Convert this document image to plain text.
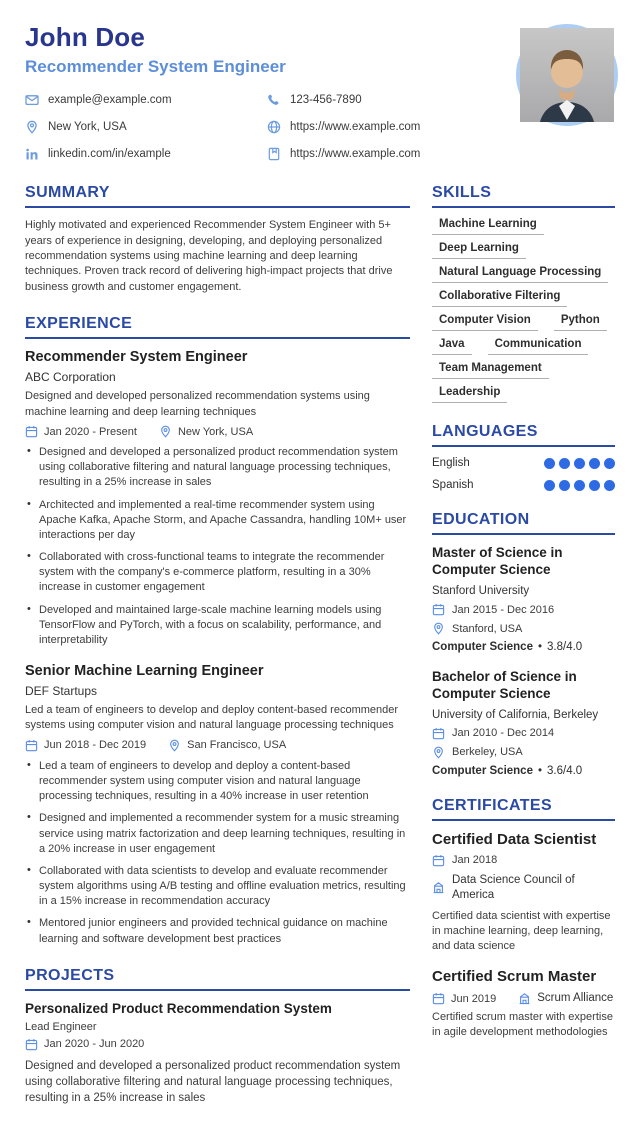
John Doe
Recommender System Engineer
example@example.com
New York, USA
linkedin.com/in/example
123-456-7890
https://www.example.com
https://www.example.com
SUMMARY

Highly motivated and experienced Recommender System Engineer with 5+ years of experience in designing, developing, and deploying personalized recommendation systems using machine learning and deep learning techniques. Proven track record of delivering high-impact projects that drive business growth and customer engagement.

EXPERIENCE
Recommender System Engineer
ABC Corporation

Designed and developed personalized recommendation systems using machine learning and deep learning techniques

Jan 2020 - Present	New York, USA
• Designed and developed a personalized product recommendation system using collaborative filtering and natural language processing techniques, resulting in a 25% increase in sales
• Architected and implemented a real-time recommender system using Apache Kafka, Apache Storm, and Apache Cassandra, handling 10M+ user interactions per day
• Collaborated with cross-functional teams to integrate the recommender system with the company's e-commerce platform, resulting in a 30% increase in customer engagement
• Developed and maintained large-scale machine learning models using TensorFlow and PyTorch, with a focus on scalability, performance, and interpretability
Senior Machine Learning Engineer
DEF Startups

Led a team of engineers to develop and deploy content-based recommender systems using computer vision and natural language processing techniques

Jun 2018 - Dec 2019	San Francisco, USA
• Led a team of engineers to develop and deploy a content-based recommender system using computer vision and natural language processing techniques, resulting in a 40% increase in user retention
• Designed and implemented a recommender system for a music streaming service using matrix factorization and deep learning techniques, resulting in a 20% increase in user engagement
• Collaborated with data scientists to develop and evaluate recommender system algorithms using A/B testing and offline evaluation metrics, resulting in a 15% increase in recommendation accuracy
• Mentored junior engineers and provided technical guidance on machine learning and software development best practices
PROJECTS
Personalized Product Recommendation System
Lead Engineer
Jan 2020 - Jun 2020

Designed and developed a personalized product recommendation system using collaborative filtering and natural language processing techniques, resulting in a 25% increase in sales

SKILLS
Machine Learning
Deep Learning
Natural Language Processing
Collaborative Filtering
Computer Vision	Python
Java	Communication
Team Management
Leadership
LANGUAGES
English
Spanish
EDUCATION
Master of Science in Computer Science
Stanford University
Jan 2015 - Dec 2016
Stanford, USA
Computer Science • 3.8/4.0
Bachelor of Science in Computer Science
University of California, Berkeley
Jan 2010 - Dec 2014
Berkeley, USA
Computer Science • 3.6/4.0
CERTIFICATES
Certified Data Scientist
Jan 2018
Data Science Council of America

Certified data scientist with expertise in machine learning, deep learning, and data science

Certified Scrum Master
Jun 2019	Scrum Alliance

Certified scrum master with expertise in agile development methodologies
